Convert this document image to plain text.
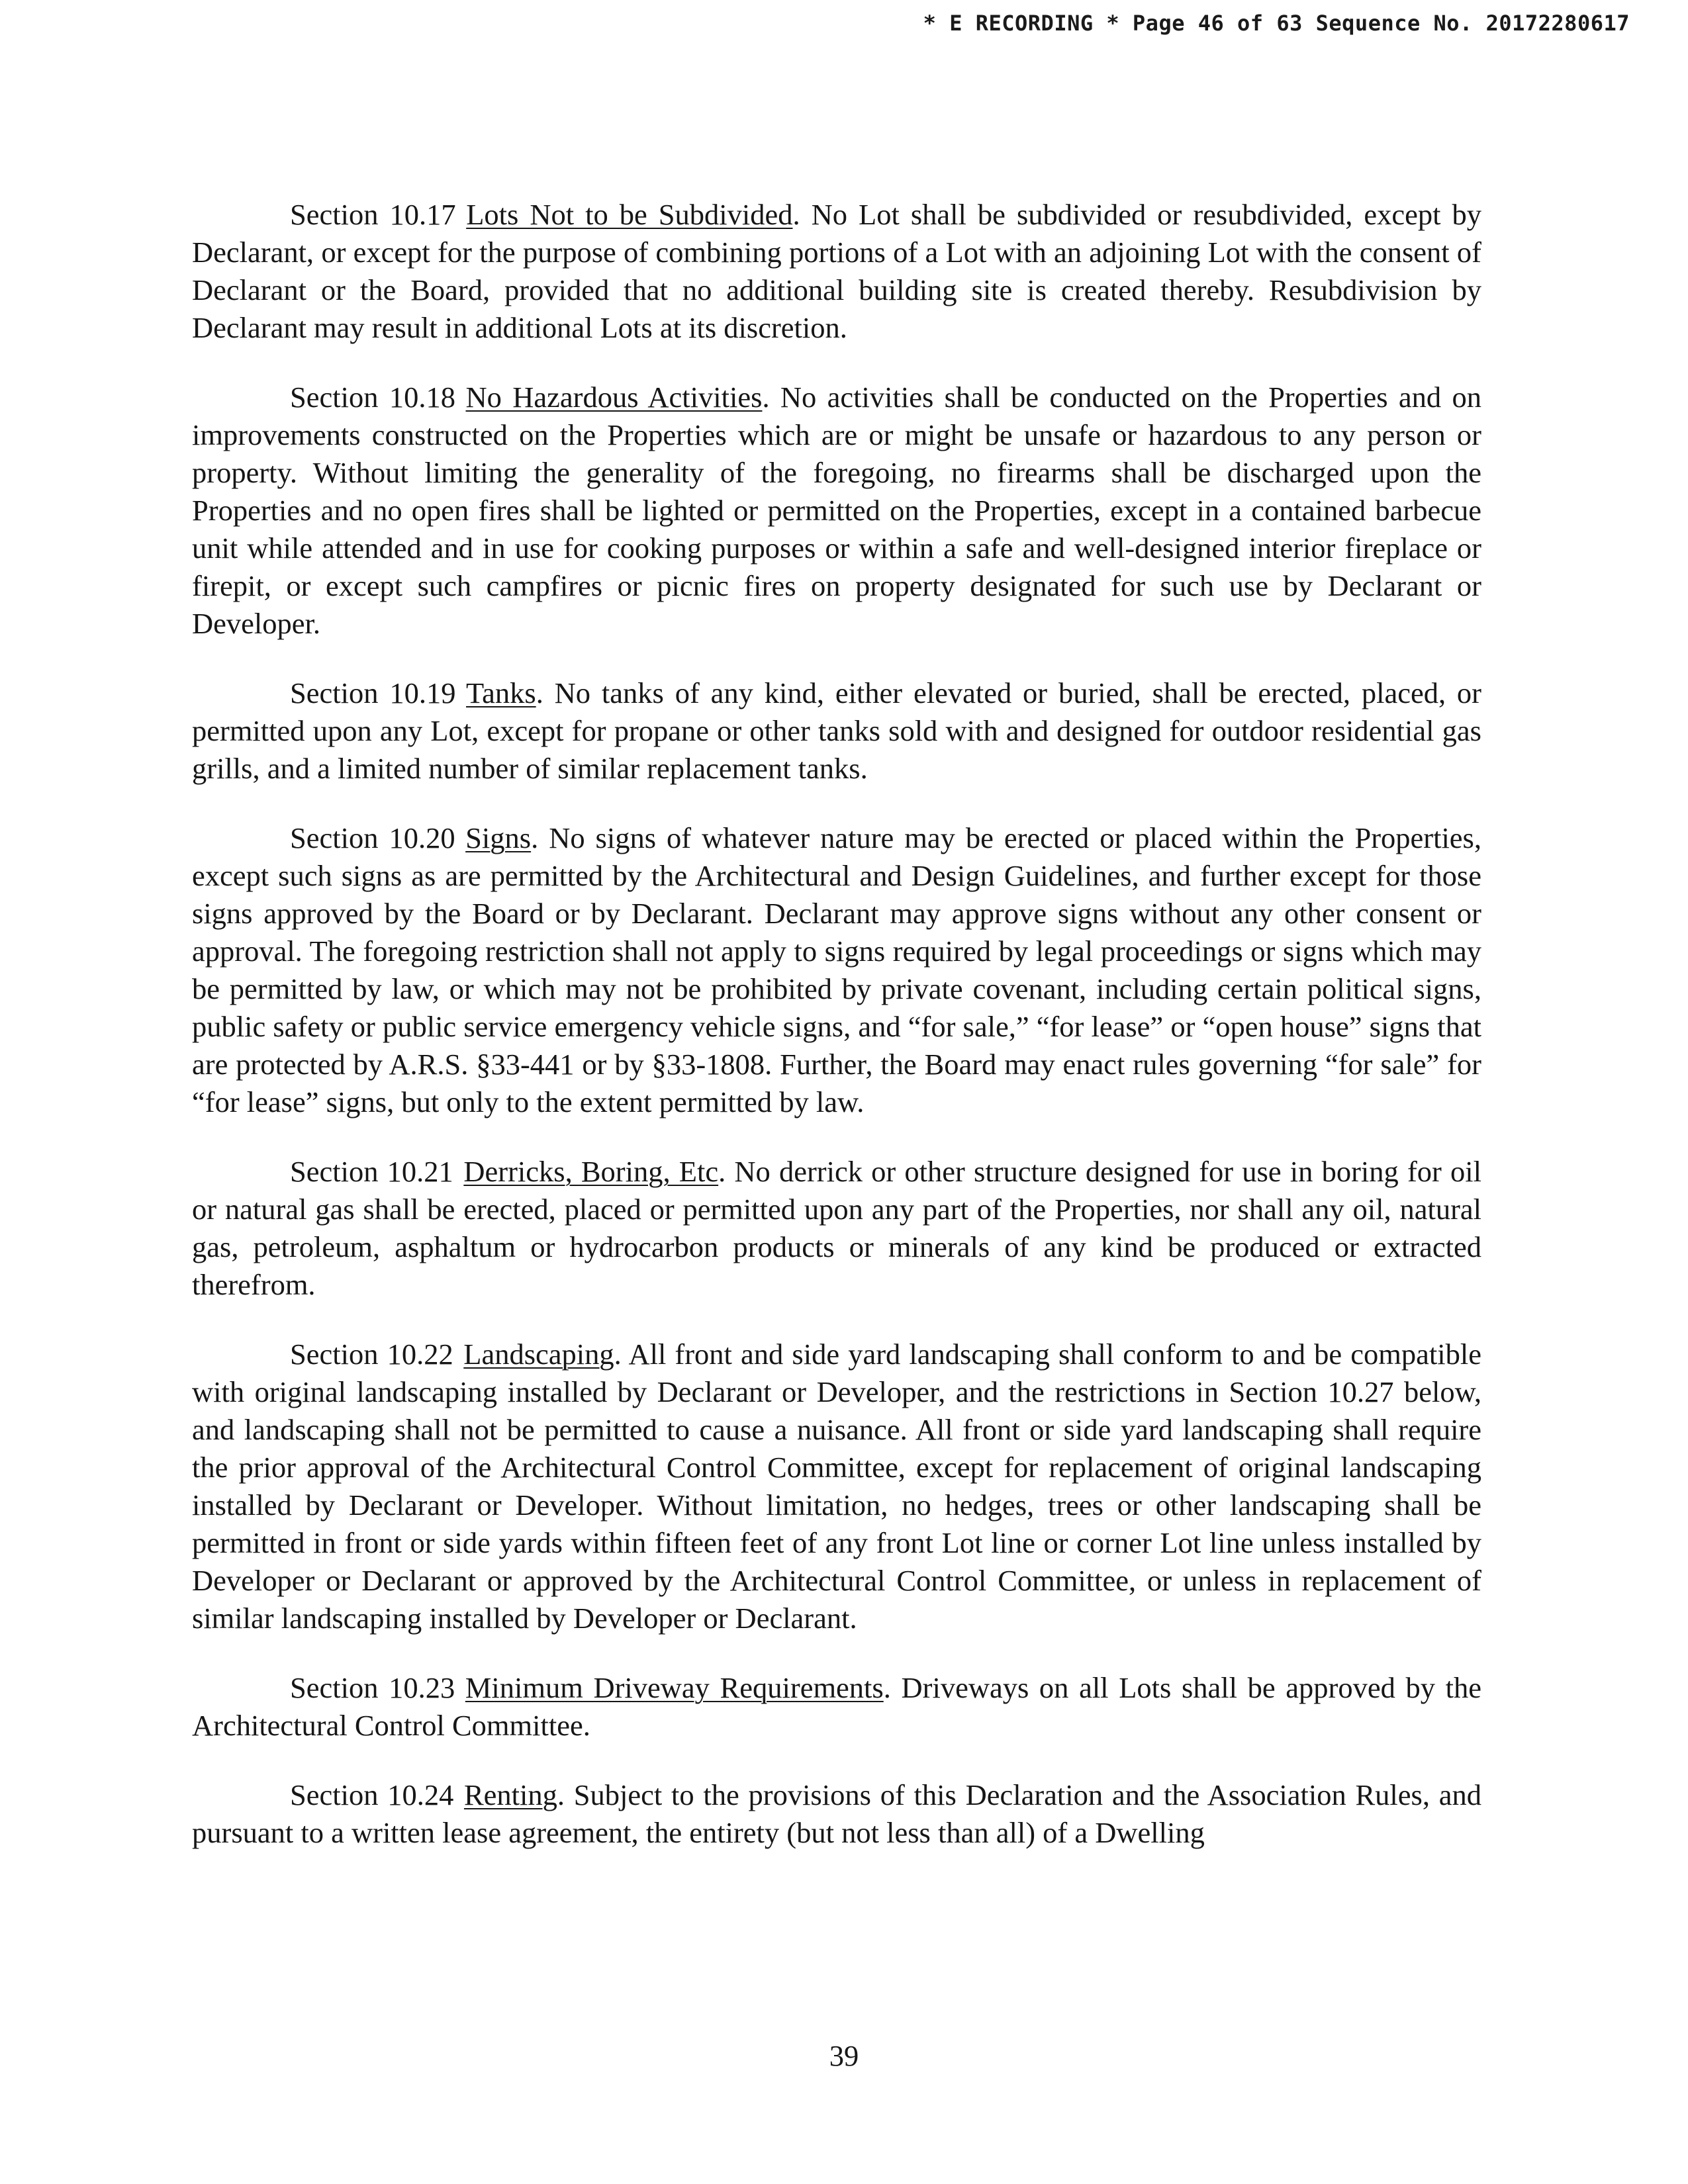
* E RECORDING * Page 46 of 63 Sequence No. 20172280617

Section 10.17 Lots Not to be Subdivided. No Lot shall be subdivided or resubdivided, except by Declarant, or except for the purpose of combining portions of a Lot with an adjoining Lot with the consent of Declarant or the Board, provided that no additional building site is created thereby. Resubdivision by Declarant may result in additional Lots at its discretion.

Section 10.18 No Hazardous Activities. No activities shall be conducted on the Properties and on improvements constructed on the Properties which are or might be unsafe or hazardous to any person or property. Without limiting the generality of the foregoing, no firearms shall be discharged upon the Properties and no open fires shall be lighted or permitted on the Properties, except in a contained barbecue unit while attended and in use for cooking purposes or within a safe and well-designed interior fireplace or firepit, or except such campfires or picnic fires on property designated for such use by Declarant or Developer.

Section 10.19 Tanks. No tanks of any kind, either elevated or buried, shall be erected, placed, or permitted upon any Lot, except for propane or other tanks sold with and designed for outdoor residential gas grills, and a limited number of similar replacement tanks.

Section 10.20 Signs. No signs of whatever nature may be erected or placed within the Properties, except such signs as are permitted by the Architectural and Design Guidelines, and further except for those signs approved by the Board or by Declarant. Declarant may approve signs without any other consent or approval. The foregoing restriction shall not apply to signs required by legal proceedings or signs which may be permitted by law, or which may not be prohibited by private covenant, including certain political signs, public safety or public service emergency vehicle signs, and “for sale,” “for lease” or “open house” signs that are protected by A.R.S. §33-441 or by §33-1808. Further, the Board may enact rules governing “for sale” for “for lease” signs, but only to the extent permitted by law.

Section 10.21 Derricks, Boring, Etc. No derrick or other structure designed for use in boring for oil or natural gas shall be erected, placed or permitted upon any part of the Properties, nor shall any oil, natural gas, petroleum, asphaltum or hydrocarbon products or minerals of any kind be produced or extracted therefrom.

Section 10.22 Landscaping. All front and side yard landscaping shall conform to and be compatible with original landscaping installed by Declarant or Developer, and the restrictions in Section 10.27 below, and landscaping shall not be permitted to cause a nuisance. All front or side yard landscaping shall require the prior approval of the Architectural Control Committee, except for replacement of original landscaping installed by Declarant or Developer. Without limitation, no hedges, trees or other landscaping shall be permitted in front or side yards within fifteen feet of any front Lot line or corner Lot line unless installed by Developer or Declarant or approved by the Architectural Control Committee, or unless in replacement of similar landscaping installed by Developer or Declarant.

Section 10.23 Minimum Driveway Requirements. Driveways on all Lots shall be approved by the Architectural Control Committee.

Section 10.24 Renting. Subject to the provisions of this Declaration and the Association Rules, and pursuant to a written lease agreement, the entirety (but not less than all) of a Dwelling

39
